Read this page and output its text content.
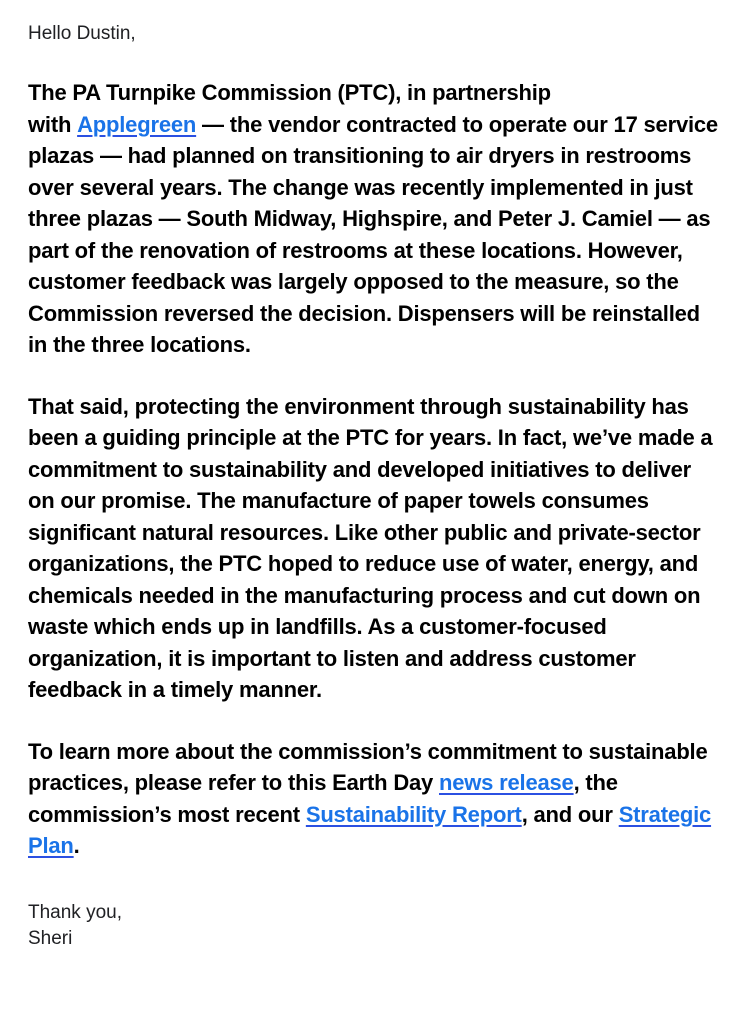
Hello Dustin,

The PA Turnpike Commission (PTC), in partnership with Applegreen — the vendor contracted to operate our 17 service plazas — had planned on transitioning to air dryers in restrooms over several years. The change was recently implemented in just three plazas — South Midway, Highspire, and Peter J. Camiel — as part of the renovation of restrooms at these locations. However, customer feedback was largely opposed to the measure, so the Commission reversed the decision. Dispensers will be reinstalled in the three locations.

That said, protecting the environment through sustainability has been a guiding principle at the PTC for years. In fact, we’ve made a commitment to sustainability and developed initiatives to deliver on our promise. The manufacture of paper towels consumes significant natural resources. Like other public and private-sector organizations, the PTC hoped to reduce use of water, energy, and chemicals needed in the manufacturing process and cut down on waste which ends up in landfills. As a customer-focused organization, it is important to listen and address customer feedback in a timely manner.

To learn more about the commission’s commitment to sustainable practices, please refer to this Earth Day news release, the commission’s most recent Sustainability Report, and our Strategic Plan.

Thank you,

Sheri
